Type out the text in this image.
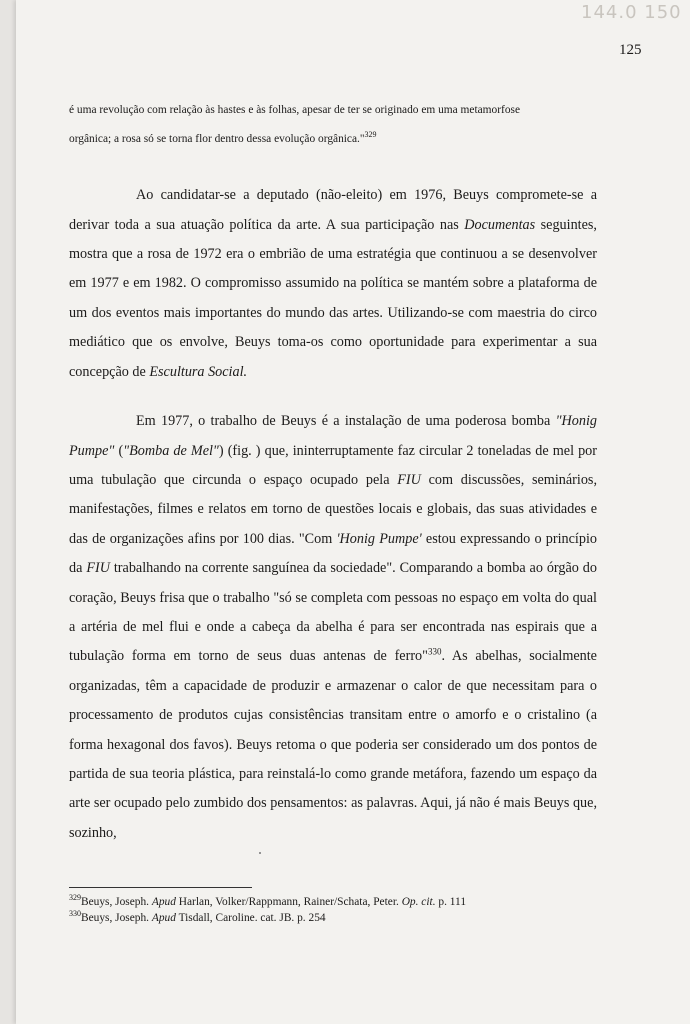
144.0 150
125
é uma revolução com relação às hastes e às folhas, apesar de ter se originado em uma metamorfose
orgânica; a rosa só se torna flor dentro dessa evolução orgânica."$^{329}$

Ao candidatar-se a deputado (não-eleito) em 1976, Beuys compromete-se a derivar toda a sua atuação política da arte. A sua participação nas Documentas seguintes, mostra que a rosa de 1972 era o embrião de uma estratégia que continuou a se desenvolver em 1977 e em 1982. O compromisso assumido na política se mantém sobre a plataforma de um dos eventos mais importantes do mundo das artes. Utilizando-se com maestria do circo mediático que os envolve, Beuys toma-os como oportunidade para experimentar a sua concepção de Escultura Social.

Em 1977, o trabalho de Beuys é a instalação de uma poderosa bomba "Honig Pumpe" ("Bomba de Mel") (fig. ) que, ininterruptamente faz circular 2 toneladas de mel por uma tubulação que circunda o espaço ocupado pela FIU com discussões, seminários, manifestações, filmes e relatos em torno de questões locais e globais, das suas atividades e das de organizações afins por 100 dias. "Com 'Honig Pumpe' estou expressando o princípio da FIU trabalhando na corrente sanguínea da sociedade". Comparando a bomba ao órgão do coração, Beuys frisa que o trabalho "só se completa com pessoas no espaço em volta do qual a artéria de mel flui e onde a cabeça da abelha é para ser encontrada nas espirais que a tubulação forma em torno de seus duas antenas de ferro"$^{330}$. As abelhas, socialmente organizadas, têm a capacidade de produzir e armazenar o calor de que necessitam para o processamento de produtos cujas consistências transitam entre o amorfo e o cristalino (a forma hexagonal dos favos). Beuys retoma o que poderia ser considerado um dos pontos de partida de sua teoria plástica, para reinstalá-lo como grande metáfora, fazendo um espaço da arte ser ocupado pelo zumbido dos pensamentos: as palavras. Aqui, já não é mais Beuys que, sozinho,

$^{329}$Beuys, Joseph. Apud Harlan, Volker/Rappmann, Rainer/Schata, Peter. Op. cit. p. 111
$^{330}$Beuys, Joseph. Apud Tisdall, Caroline. cat. JB. p. 254
